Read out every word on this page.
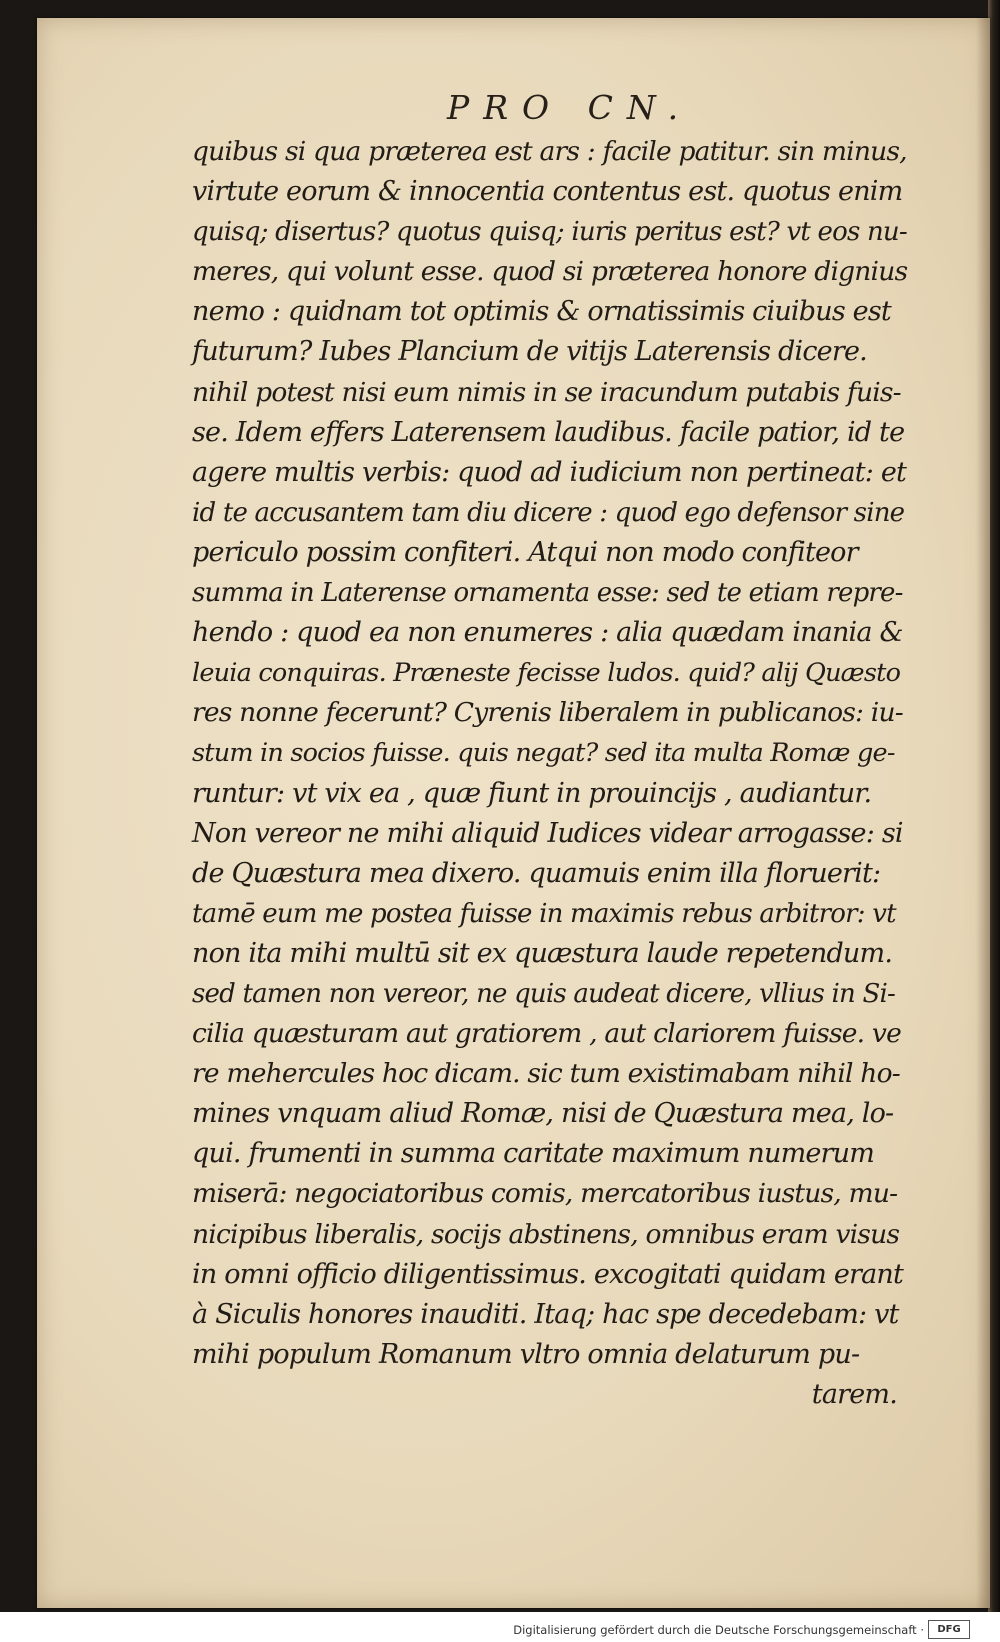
PRO CN.
quibus si qua præterea est ars : facile patitur. sin minus,
virtute eorum & innocentia contentus est. quotus enim
quisq; disertus? quotus quisq; iuris peritus est? vt eos nu-
meres, qui volunt esse. quod si præterea honore dignius
nemo : quidnam tot optimis & ornatissimis ciuibus est
futurum? Iubes Plancium de vitijs Laterensis dicere.
nihil potest nisi eum nimis in se iracundum putabis fuis-
se. Idem effers Laterensem laudibus. facile patior, id te
agere multis verbis: quod ad iudicium non pertineat: et
id te accusantem tam diu dicere : quod ego defensor sine
periculo possim confiteri. Atqui non modo confiteor
summa in Laterense ornamenta esse: sed te etiam repre-
hendo : quod ea non enumeres : alia quædam inania &
leuia conquiras. Præneste fecisse ludos. quid? alij Quæsto
res nonne fecerunt? Cyrenis liberalem in publicanos: iu-
stum in socios fuisse. quis negat? sed ita multa Romæ ge-
runtur: vt vix ea , quæ fiunt in prouincijs , audiantur.
Non vereor ne mihi aliquid Iudices videar arrogasse: si
de Quæstura mea dixero. quamuis enim illa floruerit:
tamē eum me postea fuisse in maximis rebus arbitror: vt
non ita mihi multū sit ex quæstura laude repetendum.
sed tamen non vereor, ne quis audeat dicere, vllius in Si-
cilia quæsturam aut gratiorem , aut clariorem fuisse. ve
re mehercules hoc dicam. sic tum existimabam nihil ho-
mines vnquam aliud Romæ, nisi de Quæstura mea, lo-
qui. frumenti in summa caritate maximum numerum
miserā: negociatoribus comis, mercatoribus iustus, mu-
nicipibus liberalis, socijs abstinens, omnibus eram visus
in omni officio diligentissimus. excogitati quidam erant
à Siculis honores inauditi. Itaq; hac spe decedebam: vt
mihi populum Romanum vltro omnia delaturum pu-
tarem.
Digitalisierung gefördert durch die Deutsche Forschungsgemeinschaft ·	DFG
